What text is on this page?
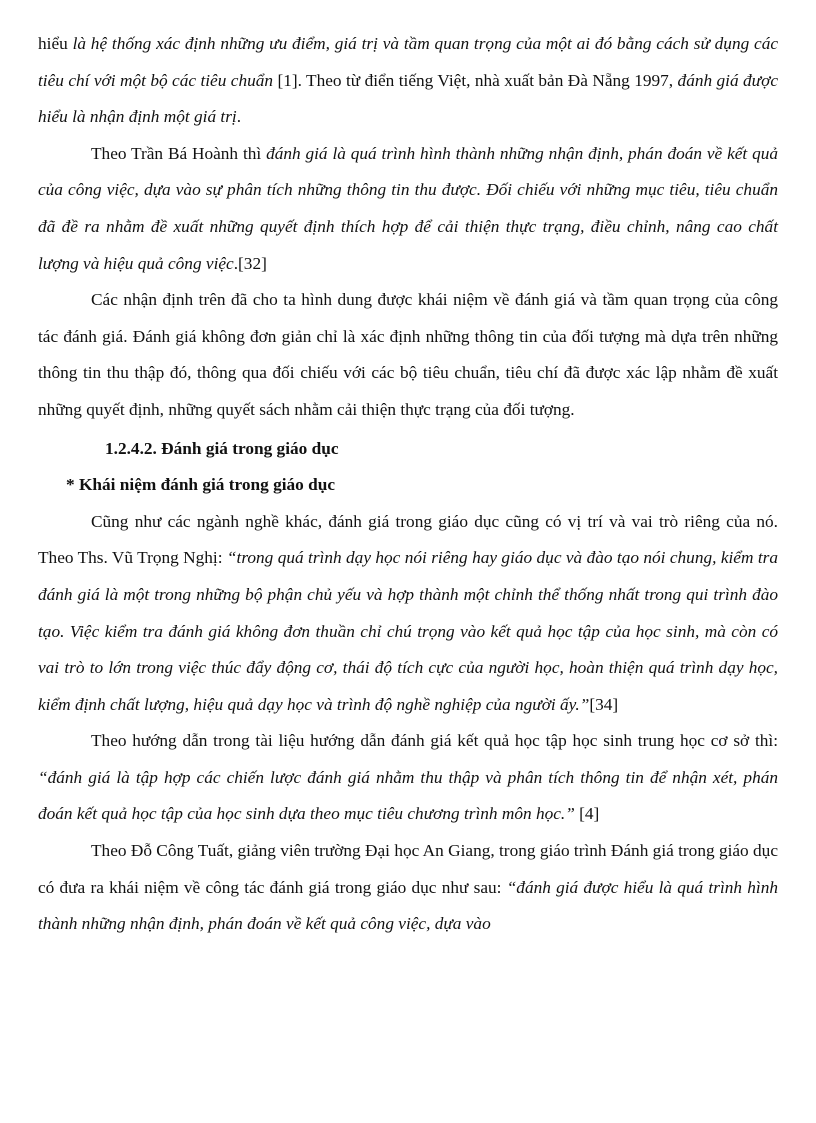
hiểu là hệ thống xác định những ưu điểm, giá trị và tầm quan trọng của một ai đó bằng cách sử dụng các tiêu chí với một bộ các tiêu chuẩn [1]. Theo từ điển tiếng Việt, nhà xuất bản Đà Nẵng 1997, đánh giá được hiểu là nhận định một giá trị.

Theo Trần Bá Hoành thì đánh giá là quá trình hình thành những nhận định, phán đoán về kết quả của công việc, dựa vào sự phân tích những thông tin thu được. Đối chiếu với những mục tiêu, tiêu chuẩn đã đề ra nhằm đề xuất những quyết định thích hợp để cải thiện thực trạng, điều chỉnh, nâng cao chất lượng và hiệu quả công việc.[32]

Các nhận định trên đã cho ta hình dung được khái niệm về đánh giá và tầm quan trọng của công tác đánh giá. Đánh giá không đơn giản chỉ là xác định những thông tin của đối tượng mà dựa trên những thông tin thu thập đó, thông qua đối chiếu với các bộ tiêu chuẩn, tiêu chí đã được xác lập nhằm đề xuất những quyết định, những quyết sách nhằm cải thiện thực trạng của đối tượng.

1.2.4.2. Đánh giá trong giáo dục

* Khái niệm đánh giá trong giáo dục

Cũng như các ngành nghề khác, đánh giá trong giáo dục cũng có vị trí và vai trò riêng của nó. Theo Ths. Vũ Trọng Nghị: “trong quá trình dạy học nói riêng hay giáo dục và đào tạo nói chung, kiểm tra đánh giá là một trong những bộ phận chủ yếu và hợp thành một chỉnh thể thống nhất trong qui trình đào tạo. Việc kiểm tra đánh giá không đơn thuần chỉ chú trọng vào kết quả học tập của học sinh, mà còn có vai trò to lớn trong việc thúc đẩy động cơ, thái độ tích cực của người học, hoàn thiện quá trình dạy học, kiểm định chất lượng, hiệu quả dạy học và trình độ nghề nghiệp của người ấy.”[34]

Theo hướng dẫn trong tài liệu hướng dẫn đánh giá kết quả học tập học sinh trung học cơ sở thì: “đánh giá là tập hợp các chiến lược đánh giá nhằm thu thập và phân tích thông tin để nhận xét, phán đoán kết quả học tập của học sinh dựa theo mục tiêu chương trình môn học.” [4]

Theo Đỗ Công Tuất, giảng viên trường Đại học An Giang, trong giáo trình Đánh giá trong giáo dục có đưa ra khái niệm về công tác đánh giá trong giáo dục như sau: “đánh giá được hiểu là quá trình hình thành những nhận định, phán đoán về kết quả công việc, dựa vào
